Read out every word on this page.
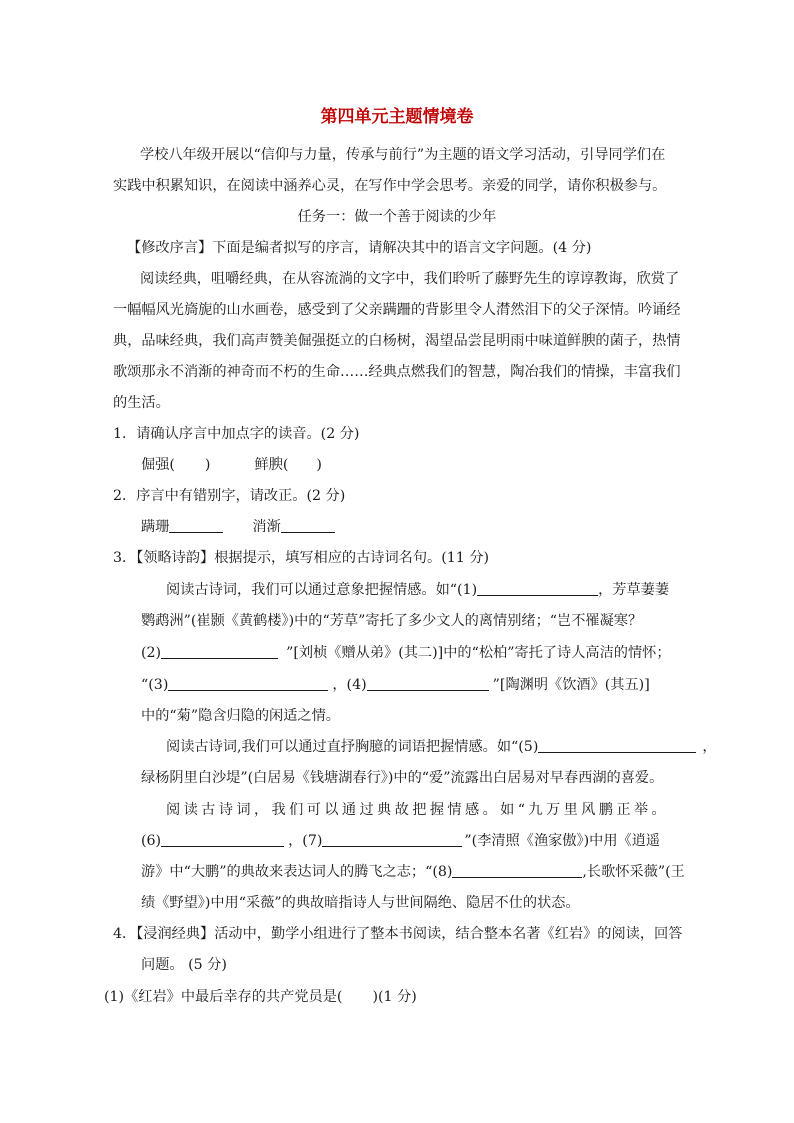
第四单元主题情境卷
学校八年级开展以“信仰与力量，传承与前行”为主题的语文学习活动，引导同学们在
实践中积累知识，在阅读中涵养心灵，在写作中学会思考。亲爱的同学，请你积极参与。
任务一：做一个善于阅读的少年
【修改序言】下面是编者拟写的序言，请解决其中的语言文字问题。(4 分)
阅读经典，咀嚼经典，在从容流淌的文字中，我们聆听了藤野先生的谆谆教诲，欣赏了
一幅幅风光旖旎的山水画卷，感受到了父亲蹒跚的背影里令人潸然泪下的父子深情。吟诵经
典，品味经典，我们高声赞美倔强挺立的白杨树，渴望品尝昆明雨中味道鲜腴的菌子，热情
歌颂那永不消渐的神奇而不朽的生命……经典点燃我们的智慧，陶冶我们的情操，丰富我们
的生活。
1．请确认序言中加点字的读音。(2 分)
倔强( )	鲜腴( )
2．序言中有错别字，请改正。(2 分)
蹒珊	消渐
3．【领略诗韵】根据提示，填写相应的古诗词名句。(11 分)
阅读古诗词，我们可以通过意象把握情感。如“(1)	，芳草萋萋
鹦鹉洲”(崔颢《黄鹤楼》)中的“芳草”寄托了多少文人的离情别绪；“岂不罹凝寒？
(2)	”[刘桢《赠从弟》(其二)]中的“松柏”寄托了诗人高洁的情怀；
“(3)	，(4)	”[陶渊明《饮酒》(其五)]
中的“菊”隐含归隐的闲适之情。
阅读古诗词,我们可以通过直抒胸臆的词语把握情感。如“(5)	，
绿杨阴里白沙堤”(白居易《钱塘湖春行》)中的“爱”流露出白居易对早春西湖的喜爱。
阅读古诗词，我们可以通过典故把握情感。如“九万里风鹏正举。
(6)	，(7)	”(李清照《渔家傲》)中用《逍遥
游》中“大鹏”的典故来表达词人的腾飞之志；“(8)	,长歌怀采薇”(王
绩《野望》)中用“采薇”的典故暗指诗人与世间隔绝、隐居不仕的状态。
4．【浸润经典】活动中，勤学小组进行了整本书阅读，结合整本名著《红岩》的阅读，回答
问题。 (5 分)
(1)《红岩》中最后幸存的共产党员是( )(1 分)
